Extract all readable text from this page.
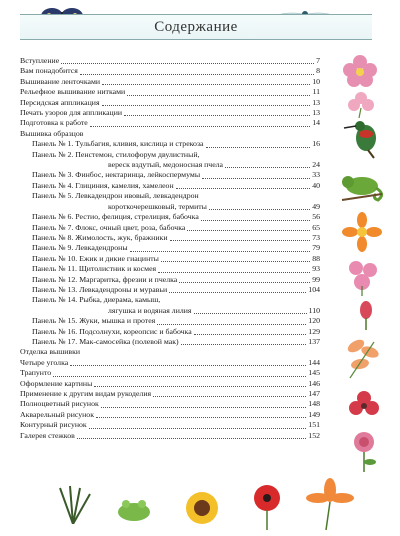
Содержание
Вступление	7
Вам понадобится	8
Вышивание ленточками	10
Рельефное вышивание нитками	11
Персидская аппликация	13
Печать узоров для аппликации	13
Подготовка к работе	14
Вышивка образцов
Панель № 1. Тульбагия, кливия, кислица и стрекоза	16
Панель № 2. Пенстемон, стилофорум двулистный,
вереск вздутый, медоносная пчела	24
Панель № 3. Финбос, нектаринца, лейкоспермумы	33
Панель № 4. Глициния, камелия, хамелеон	40
Панель № 5. Левкадендрон ивовый, левкадендрон
короткочерешковый, термиты	49
Панель № 6. Рестио, фелиция, стрелиция, бабочка	56
Панель № 7. Флокс, очный цвет, роза, бабочка	65
Панель № 8. Жимолость, жук, бражники	73
Панель № 9. Левкадендроны	79
Панель № 10. Ежик и дикие гиацинты	88
Панель № 11. Щитолистник и космея	93
Панель № 12. Маргаритка, фрезии и пчелка	99
Панель № 13. Левкадендроны и муравьи	104
Панель № 14. Рыбка, диерама, камыш,
лягушка и водяная лилия	110
Панель № 15. Жуки, мышка и протея	120
Панель № 16. Подсолнухи, кореопсис и бабочка	129
Панель № 17. Мак-самосейка (полевой мак)	137
Отделка вышивки
Четыре уголка	144
Трапунто	145
Оформление картины	146
Применение к другим видам рукоделия	147
Полноцветный рисунок	148
Акварельный рисунок	149
Контурный рисунок	151
Галерея стежков	152
